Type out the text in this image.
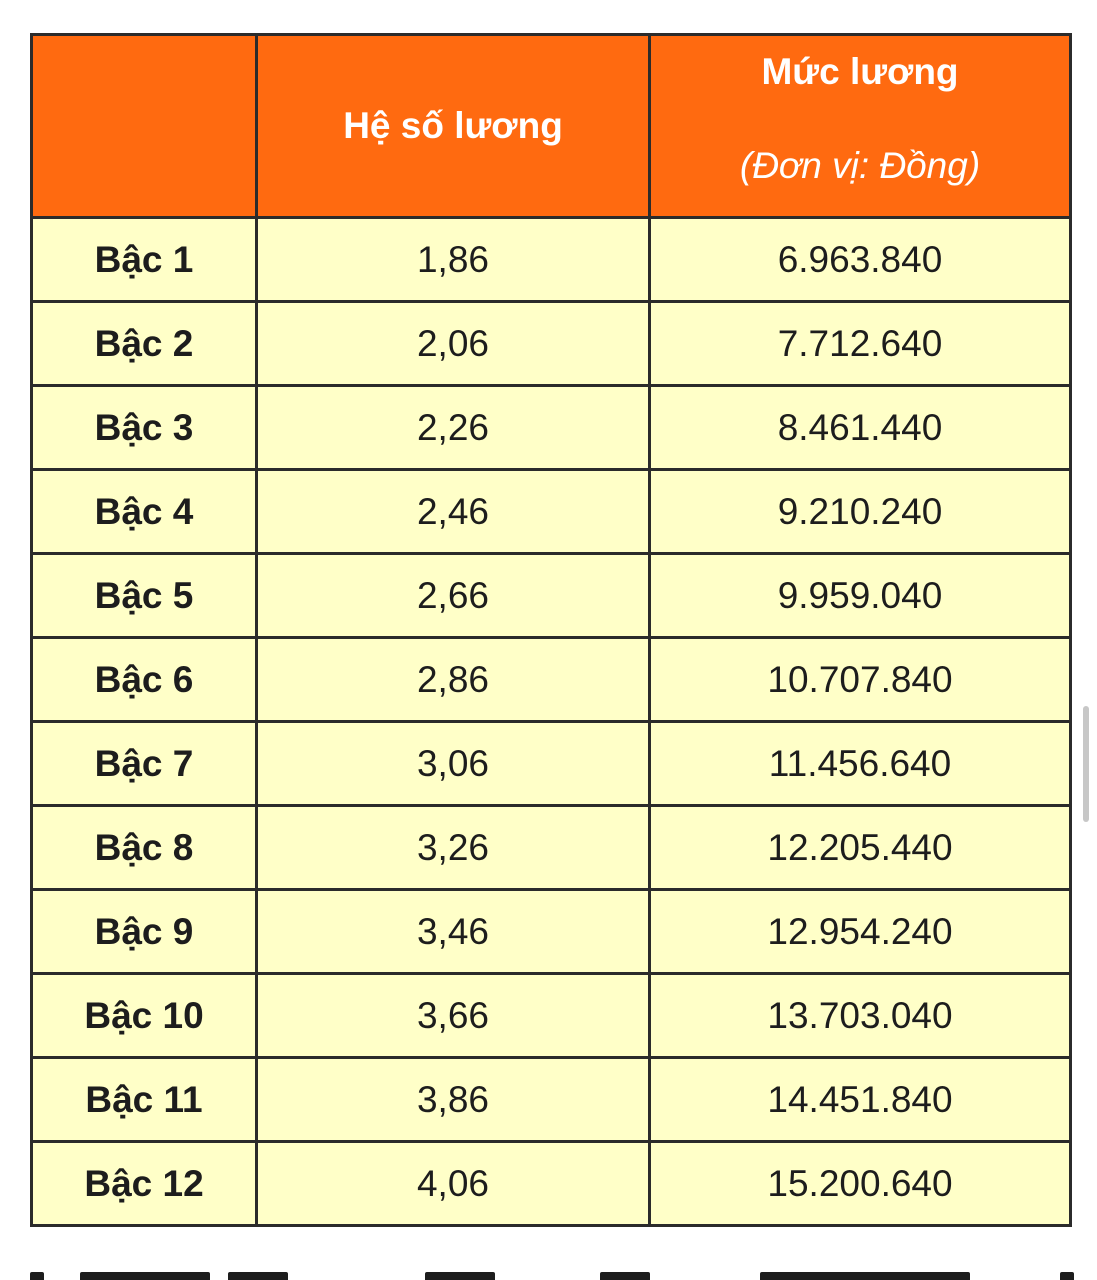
	Hệ số lương	Mức lương
(Đơn vị: Đồng)

Bậc 1	1,86	6.963.840
Bậc 2	2,06	7.712.640
Bậc 3	2,26	8.461.440
Bậc 4	2,46	9.210.240
Bậc 5	2,66	9.959.040
Bậc 6	2,86	10.707.840
Bậc 7	3,06	11.456.640
Bậc 8	3,26	12.205.440
Bậc 9	3,46	12.954.240
Bậc 10	3,66	13.703.040
Bậc 11	3,86	14.451.840
Bậc 12	4,06	15.200.640
